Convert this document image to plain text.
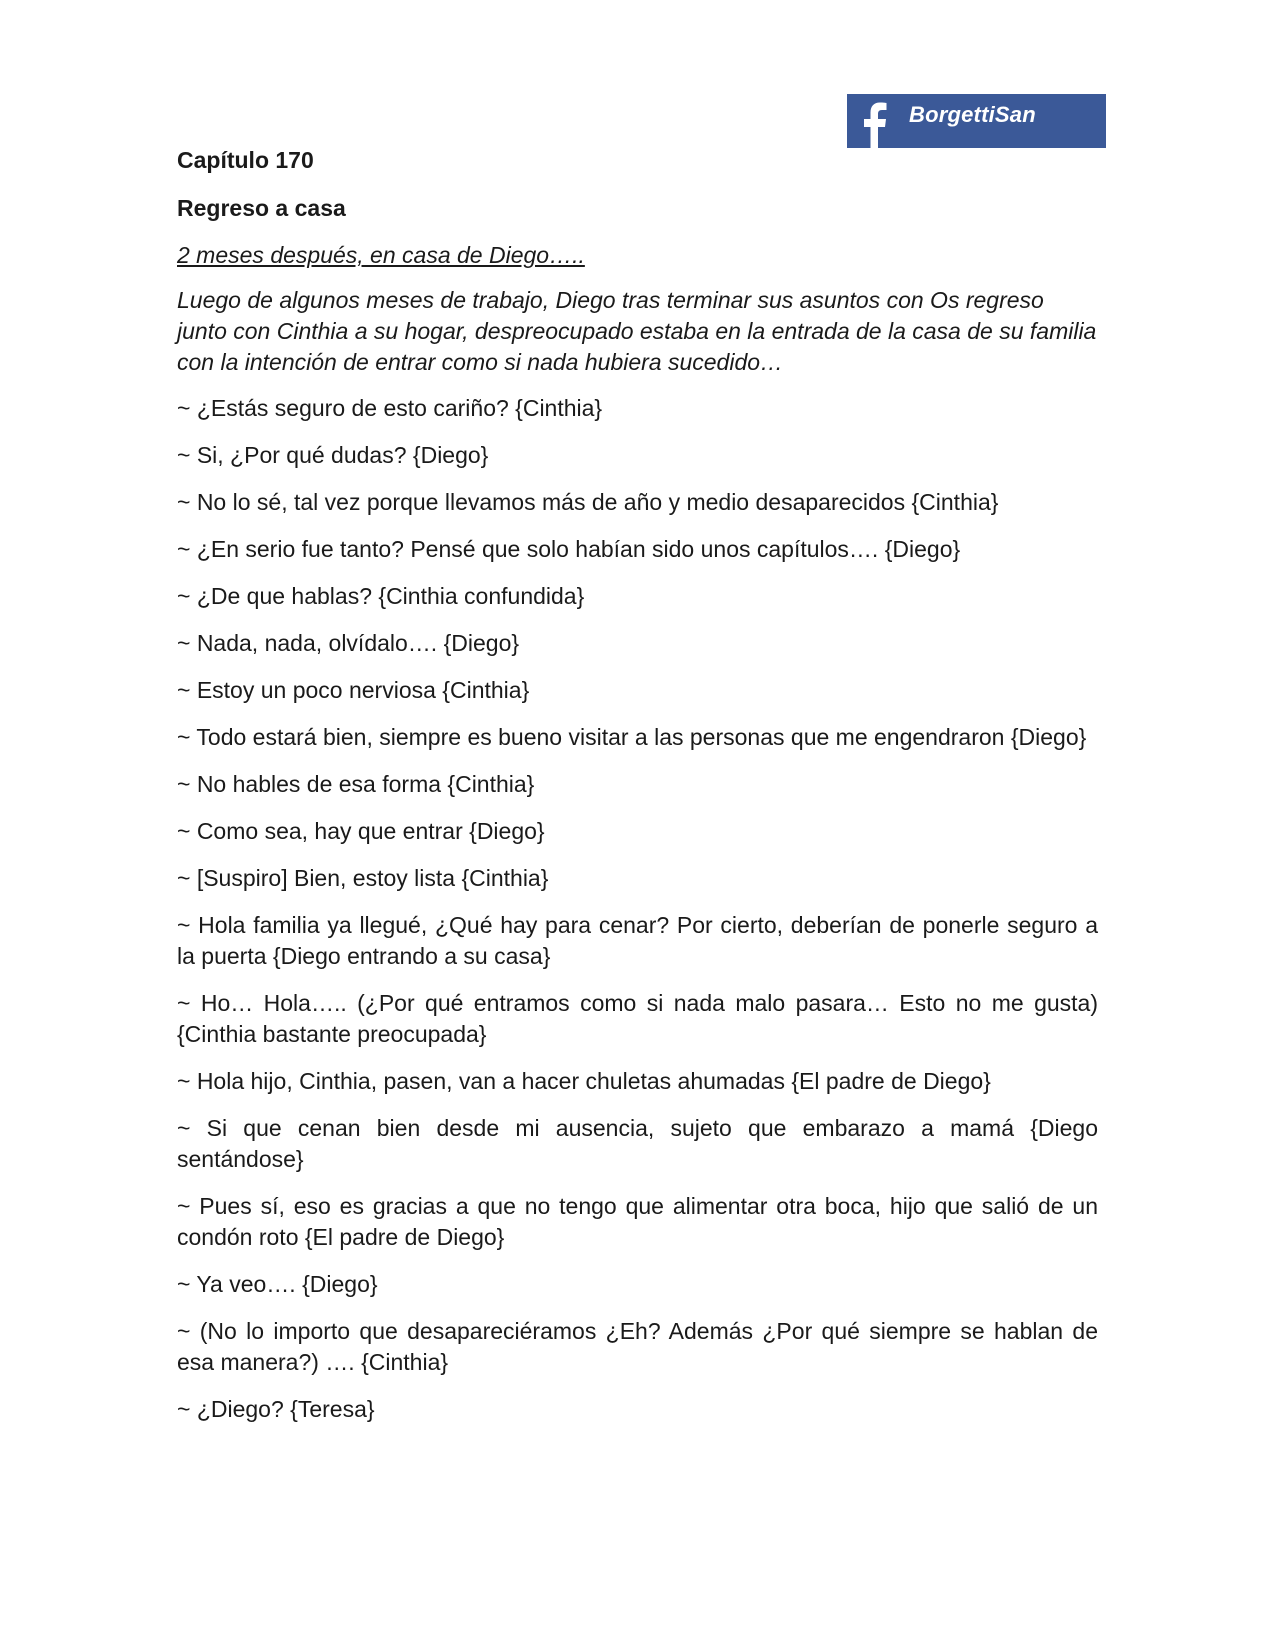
BorgettiSan

Capítulo 170

Regreso a casa

2 meses después, en casa de Diego…..

Luego de algunos meses de trabajo, Diego tras terminar sus asuntos con Os regreso junto con Cinthia a su hogar, despreocupado estaba en la entrada de la casa de su familia con la intención de entrar como si nada hubiera sucedido…

~ ¿Estás seguro de esto cariño? {Cinthia}

~ Si, ¿Por qué dudas? {Diego}

~ No lo sé, tal vez porque llevamos más de año y medio desaparecidos {Cinthia}

~ ¿En serio fue tanto? Pensé que solo habían sido unos capítulos…. {Diego}

~ ¿De que hablas? {Cinthia confundida}

~ Nada, nada, olvídalo…. {Diego}

~ Estoy un poco nerviosa {Cinthia}

~ Todo estará bien, siempre es bueno visitar a las personas que me engendraron {Diego}

~ No hables de esa forma {Cinthia}

~ Como sea, hay que entrar {Diego}

~ [Suspiro] Bien, estoy lista {Cinthia}

~ Hola familia ya llegué, ¿Qué hay para cenar? Por cierto, deberían de ponerle seguro a la puerta {Diego entrando a su casa}

~ Ho… Hola….. (¿Por qué entramos como si nada malo pasara… Esto no me gusta) {Cinthia bastante preocupada}

~ Hola hijo, Cinthia, pasen, van a hacer chuletas ahumadas {El padre de Diego}

~ Si que cenan bien desde mi ausencia, sujeto que embarazo a mamá {Diego sentándose}

~ Pues sí, eso es gracias a que no tengo que alimentar otra boca, hijo que salió de un condón roto {El padre de Diego}

~ Ya veo…. {Diego}

~ (No lo importo que desapareciéramos ¿Eh? Además ¿Por qué siempre se hablan de esa manera?) …. {Cinthia}

~ ¿Diego? {Teresa}
